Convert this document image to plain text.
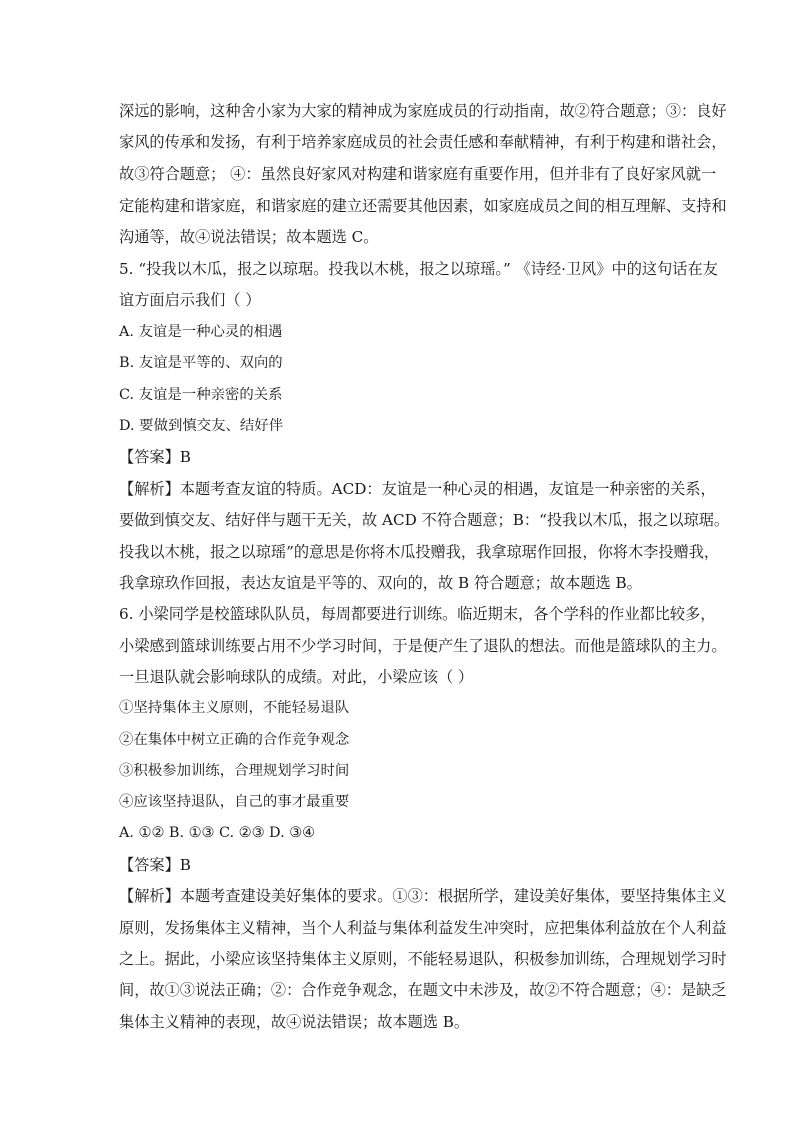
深远的影响，这种舍小家为大家的精神成为家庭成员的行动指南，故②符合题意；③：良好
家风的传承和发扬，有利于培养家庭成员的社会责任感和奉献精神，有利于构建和谐社会，
故③符合题意； ④：虽然良好家风对构建和谐家庭有重要作用，但并非有了良好家风就一
定能构建和谐家庭，和谐家庭的建立还需要其他因素，如家庭成员之间的相互理解、支持和
沟通等，故④说法错误；故本题选 C。
5. “投我以木瓜，报之以琼琚。投我以木桃，报之以琼瑶。” 《诗经·卫风》中的这句话在友
谊方面启示我们（ ）
A. 友谊是一种心灵的相遇
B. 友谊是平等的、双向的
C. 友谊是一种亲密的关系
D. 要做到慎交友、结好伴
【答案】B
【解析】本题考查友谊的特质。ACD：友谊是一种心灵的相遇，友谊是一种亲密的关系，
要做到慎交友、结好伴与题干无关，故 ACD 不符合题意；B：“投我以木瓜，报之以琼琚。
投我以木桃，报之以琼瑶”的意思是你将木瓜投赠我，我拿琼琚作回报，你将木李投赠我，
我拿琼玖作回报，表达友谊是平等的、双向的，故 B 符合题意；故本题选 B。
6. 小梁同学是校篮球队队员，每周都要进行训练。临近期末，各个学科的作业都比较多，
小梁感到篮球训练要占用不少学习时间，于是便产生了退队的想法。而他是篮球队的主力。
一旦退队就会影响球队的成绩。对此，小梁应该（ ）
①坚持集体主义原则，不能轻易退队
②在集体中树立正确的合作竞争观念
③积极参加训练，合理规划学习时间
④应该坚持退队，自己的事才最重要
A. ①② B. ①③ C. ②③ D. ③④
【答案】B
【解析】本题考查建设美好集体的要求。①③：根据所学，建设美好集体，要坚持集体主义
原则，发扬集体主义精神，当个人利益与集体利益发生冲突时，应把集体利益放在个人利益
之上。据此，小梁应该坚持集体主义原则，不能轻易退队，积极参加训练，合理规划学习时
间，故①③说法正确；②：合作竞争观念，在题文中未涉及，故②不符合题意；④：是缺乏
集体主义精神的表现，故④说法错误；故本题选 B。
